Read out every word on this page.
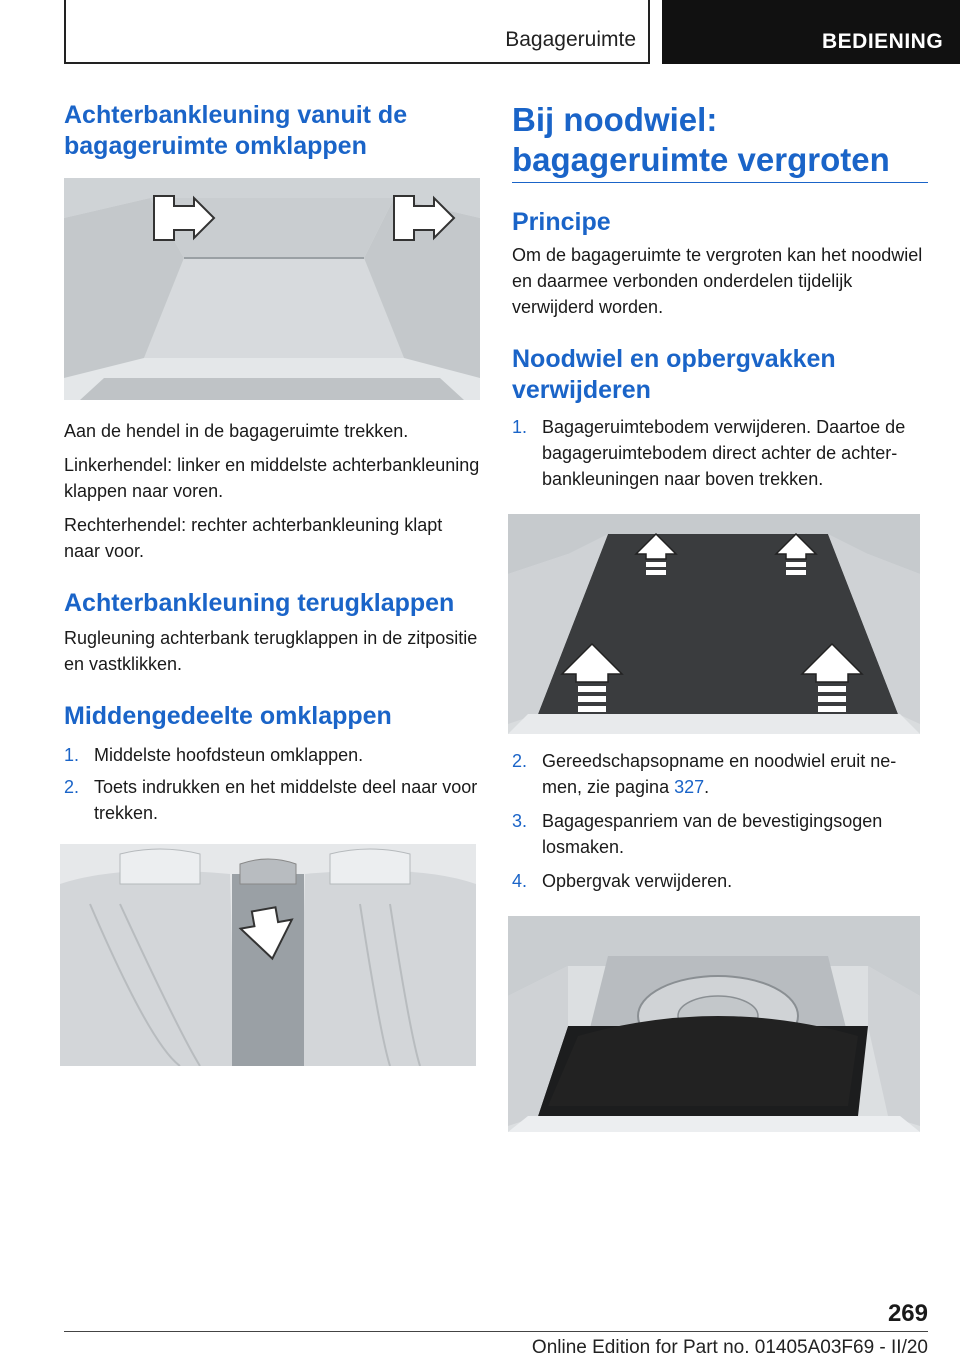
Bagageruimte	BEDIENING
Achterbankleuning vanuit de bagageruimte omklappen

Aan de hendel in de bagageruimte trekken.

Linkerhendel: linker en middelste achterbankleuning klappen naar voren.

Rechterhendel: rechter achterbankleuning klapt naar voor.

Achterbankleuning terugklappen

Rugleuning achterbank terugklappen in de zitpositie en vastklikken.

Middengedeelte omklappen
1. Middelste hoofdsteun omklappen.
2. Toets indrukken en het middelste deel naar voor trekken.
Bij noodwiel: bagageruimte vergroten
Principe

Om de bagageruimte te vergroten kan het noodwiel en daarmee verbonden onderdelen tijdelijk verwijderd worden.

Noodwiel en opbergvakken verwijderen
1. Bagageruimtebodem verwijderen. Daartoe de bagageruimtebodem direct achter de achterbankleuningen naar boven trekken.
2. Gereedschapsopname en noodwiel eruit nemen, zie pagina 327.
3. Bagagespanriem van de bevestigingsogen losmaken.
4. Opbergvak verwijderen.
269
Online Edition for Part no. 01405A03F69 - II/20
